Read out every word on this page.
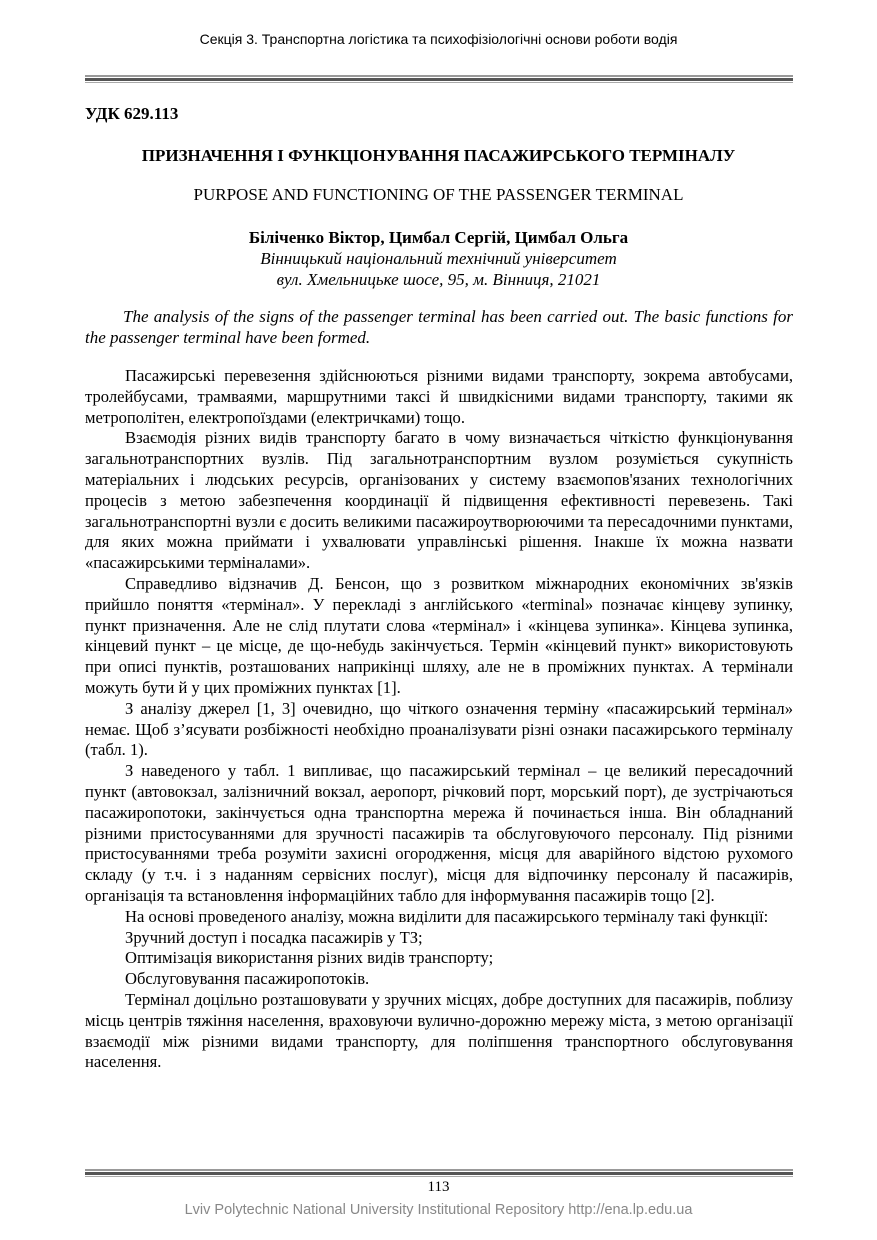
Секція 3. Транспортна логістика та психофізіологічні основи роботи водія
УДК 629.113
ПРИЗНАЧЕННЯ І ФУНКЦІОНУВАННЯ ПАСАЖИРСЬКОГО ТЕРМІНАЛУ
PURPOSE AND FUNCTIONING OF THE PASSENGER TERMINAL
Біліченко Віктор, Цимбал Сергій, Цимбал Ольга
Вінницький національний технічний університет
вул. Хмельницьке шосе, 95, м. Вінниця, 21021

The analysis of the signs of the passenger terminal has been carried out. The basic functions for the passenger terminal have been formed.

Пасажирські перевезення здійснюються різними видами транспорту, зокрема автобусами, тролейбусами, трамваями, маршрутними таксі й швидкісними видами транспорту, такими як метрополітен, електропоїздами (електричками) тощо.

Взаємодія різних видів транспорту багато в чому визначається чіткістю функціонування загальнотранспортних вузлів. Під загальнотранспортним вузлом розуміється сукупність матеріальних і людських ресурсів, організованих у систему взаємопов'язаних технологічних процесів з метою забезпечення координації й підвищення ефективності перевезень. Такі загальнотранспортні вузли є досить великими пасажироутворюючими та пересадочними пунктами, для яких можна приймати і ухвалювати управлінські рішення. Інакше їх можна назвати «пасажирськими терміналами».

Справедливо відзначив Д. Бенсон, що з розвитком міжнародних економічних зв'язків прийшло поняття «термінал». У перекладі з англійського «terminal» позначає кінцеву зупинку, пункт призначення. Але не слід плутати слова «термінал» і «кінцева зупинка». Кінцева зупинка, кінцевий пункт – це місце, де що-небудь закінчується. Термін «кінцевий пункт» використовують при описі пунктів, розташованих наприкінці шляху, але не в проміжних пунктах. А термінали можуть бути й у цих проміжних пунктах [1].

З аналізу джерел [1, 3] очевидно, що чіткого означення терміну «пасажирський термінал» немає. Щоб з’ясувати розбіжності необхідно проаналізувати різні ознаки пасажирського терміналу (табл. 1).

З наведеного у табл. 1 випливає, що пасажирський термінал – це великий пересадочний пункт (автовокзал, залізничний вокзал, аеропорт, річковий порт, морський порт), де зустрічаються пасажиропотоки, закінчується одна транспортна мережа й починається інша. Він обладнаний різними пристосуваннями для зручності пасажирів та обслуговуючого персоналу. Під різними пристосуваннями треба розуміти захисні огородження, місця для аварійного відстою рухомого складу (у т.ч. і з наданням сервісних послуг), місця для відпочинку персоналу й пасажирів, організація та встановлення інформаційних табло для інформування пасажирів тощо [2].

На основі проведеного аналізу, можна виділити для пасажирського терміналу такі функції:

Зручний доступ і посадка пасажирів у ТЗ;

Оптимізація використання різних видів транспорту;

Обслуговування пасажиропотоків.

Термінал доцільно розташовувати у зручних місцях, добре доступних для пасажирів, поблизу місць центрів тяжіння населення, враховуючи вулично-дорожню мережу міста, з метою організації взаємодії між різними видами транспорту, для поліпшення транспортного обслуговування населення.

113
Lviv Polytechnic National University Institutional Repository http://ena.lp.edu.ua
